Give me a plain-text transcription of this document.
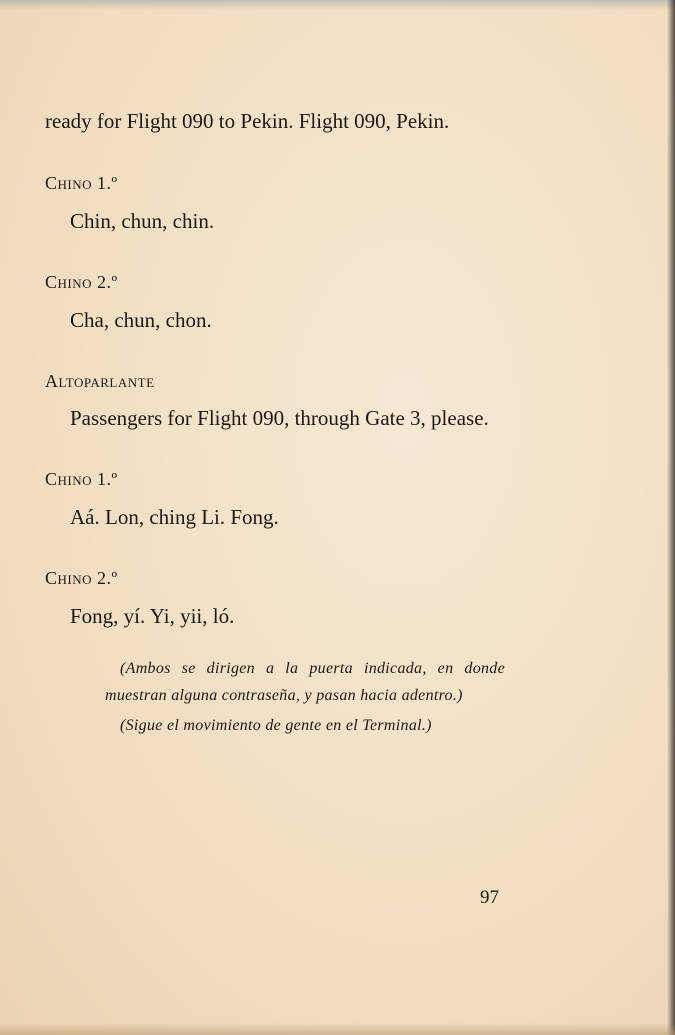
ready for Flight 090 to Pekin. Flight 090, Pekin.

Chino 1.º

Chin, chun, chin.

Chino 2.º

Cha, chun, chon.

Altoparlante

Passengers for Flight 090, through Gate 3, please.

Chino 1.º

Aá. Lon, ching Li. Fong.

Chino 2.º

Fong, yí. Yi, yii, ló.

(Ambos se dirigen a la puerta indicada, en donde muestran alguna contraseña, y pasan hacia adentro.)

(Sigue el movimiento de gente en el Terminal.)

97
